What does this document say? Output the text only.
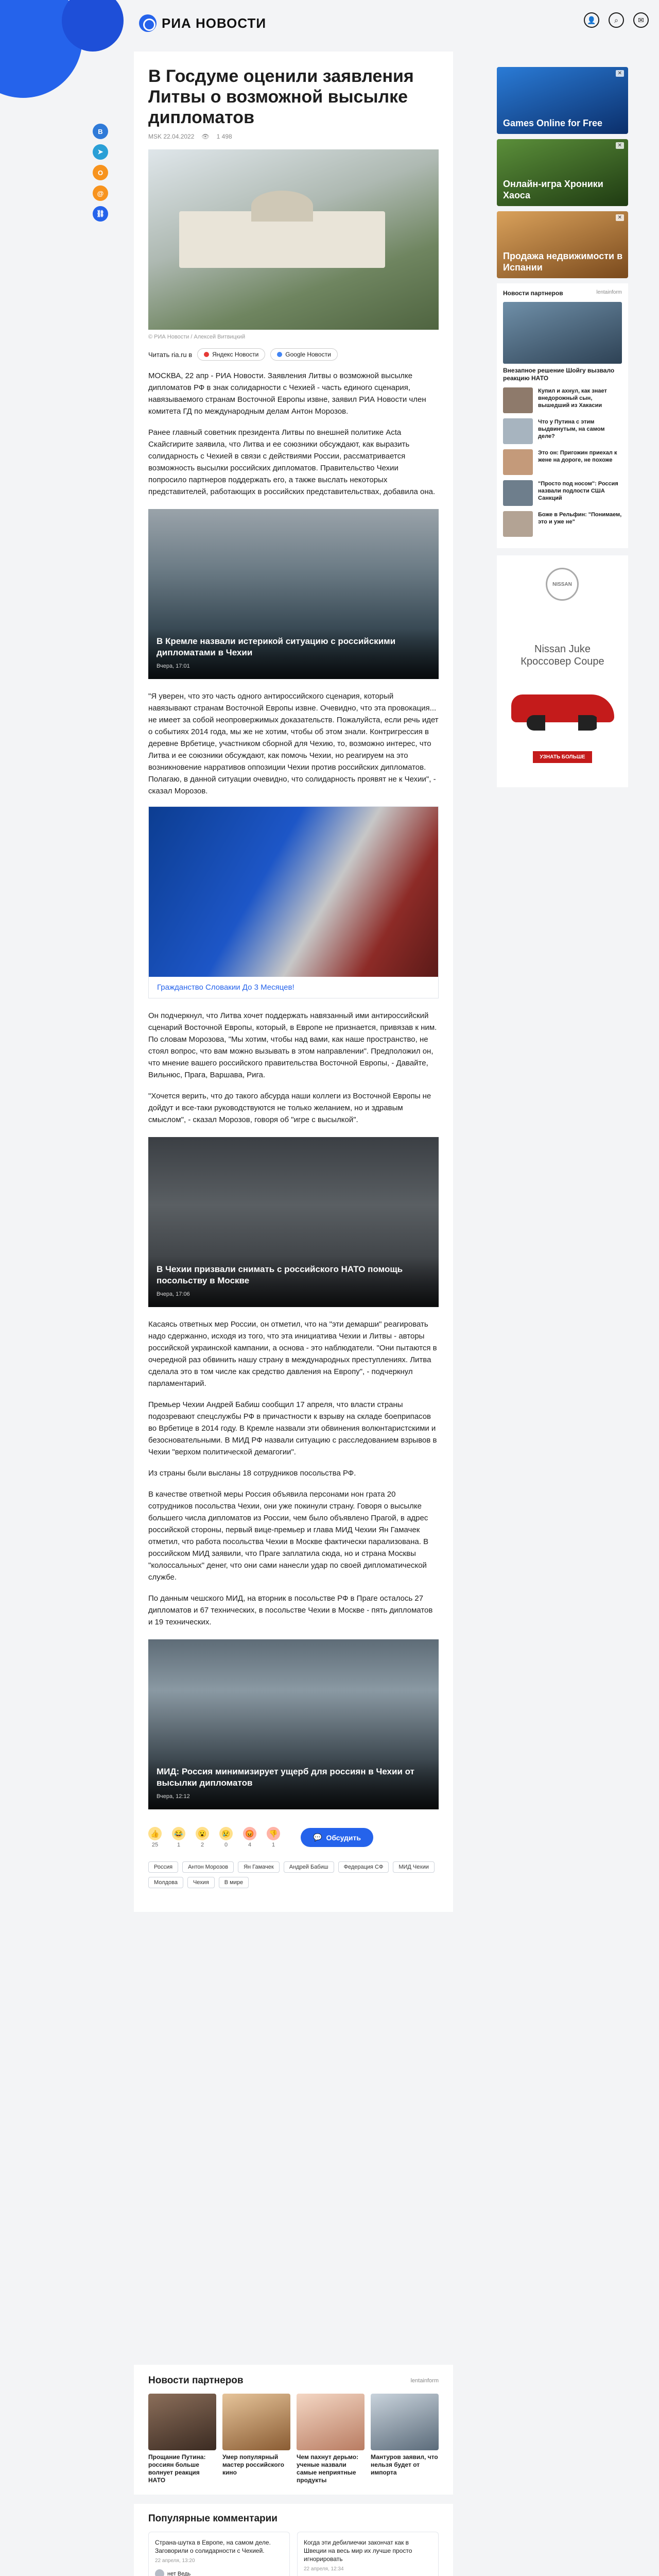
РИА НОВОСТИ	👤	⌕	✉
В
➤
О
@
⛓
В Госдуме оценили заявления Литвы о возможной высылке дипломатов
MSK 22.04.2022 👁 1 498
© РИА Новости / Алексей Витвицкий
Читать ria.ru в	Яндекс Новости	Google Новости

МОСКВА, 22 апр - РИА Новости. Заявления Литвы о возможной высылке дипломатов РФ в знак солидарности с Чехией - часть единого сценария, навязываемого странам Восточной Европы извне, заявил РИА Новости член комитета ГД по международным делам Антон Морозов.

Ранее главный советник президента Литвы по внешней политике Асta Скайсгирите заявила, что Литва и ее союзники обсуждают, как выразить солидарность с Чехией в связи с действиями России, рассматривается возможность высылки российских дипломатов. Правительство Чехии попросило партнеров поддержать его, а также выслать некоторых представителей, работающих в российских представительствах, добавила она.

В Кремле назвали истерикой ситуацию с российскими дипломатами в Чехии
Вчера, 17:01

"Я уверен, что это часть одного антироссийского сценария, который навязывают странам Восточной Европы извне. Очевидно, что эта провокация... не имеет за собой неопровержимых доказательств. Пожалуйста, если речь идет о событиях 2014 года, мы же не хотим, чтобы об этом знали. Контригрессия в деревне Врбетице, участником сборной для Чехию, то, возможно интерес, что Литва и ее союзники обсуждают, как помочь Чехии, но реагируем на это возникновение нарративов оппозиции Чехии против российских дипломатов. Полагаю, в данной ситуации очевидно, что солидарность проявят не к Чехии", - сказал Морозов.

Гражданство Словакии До 3 Месяцев!

Он подчеркнул, что Литва хочет поддержать навязанный ими антироссийский сценарий Восточной Европы, который, в Европе не признается, привязав к ним. По словам Морозова, "Мы хотим, чтобы над вами, как наше пространство, не стоял вопрос, что вам можно вызывать в этом направлении". Предположил он, что мнение вашего российского правительства Восточной Европы, - Давайте, Вильнюс, Прага, Варшава, Рига.

"Хочется верить, что до такого абсурда наши коллеги из Восточной Европы не дойдут и все-таки руководствуются не только желанием, но и здравым смыслом", - сказал Морозов, говоря об "игре с высылкой".

В Чехии призвали снимать с российского НАТО помощь посольству в Москве
Вчера, 17:06

Касаясь ответных мер России, он отметил, что на "эти демарши" реагировать надо сдержанно, исходя из того, что эта инициатива Чехии и Литвы - авторы российской украинской кампании, а основа - это наблюдатели. "Они пытаются в очередной раз обвинить нашу страну в международных преступлениях. Литва сделала это в том числе как средство давления на Европу", - подчеркнул парламентарий.

Премьер Чехии Андрей Бабиш сообщил 17 апреля, что власти страны подозревают спецслужбы РФ в причастности к взрыву на складе боеприпасов во Врбетице в 2014 году. В Кремле назвали эти обвинения волюнтаристскими и безосновательными. В МИД РФ назвали ситуацию с расследованием взрывов в Чехии "верхом политической демагогии".

Из страны были высланы 18 сотрудников посольства РФ.

В качестве ответной меры Россия объявила персонами нон грата 20 сотрудников посольства Чехии, они уже покинули страну. Говоря о высылке большего числа дипломатов из России, чем было объявлено Прагой, в адрес российской стороны, первый вице-премьер и глава МИД Чехии Ян Гамачек отметил, что работа посольства Чехии в Москве фактически парализована. В российском МИД заявили, что Праге заплатила сюда, но и страна Москвы "колоссальных" денег, что они сами нанесли удар по своей дипломатической службе.

По данным чешского МИД, на вторник в посольстве РФ в Праге осталось 27 дипломатов и 67 технических, в посольстве Чехии в Москве - пять дипломатов и 19 технических.

МИД: Россия минимизирует ущерб для россиян в Чехии от высылки дипломатов
Вчера, 12:12
👍
25
😂
1
😮
2
😢
0
😡
4
👎
1
💬 Обсудить
Россия	Антон Морозов	Ян Гамачек	Андрей Бабиш	Федерация СФ	МИД Чехии
Молдова	Чехия	В мире
Новости партнеров	lentainform
Прощание Путина: россиян больше волнует реакция НАТО
Умер популярный мастер российского кино
Чем пахнут дерьмо: ученые назвали самые неприятные продукты
Мантуров заявил, что нельзя будет от импорта
Популярные комментарии
Страна-шутка в Европе, на самом деле. Заговорили о солидарности с Чехией.
22 апреля, 13:20
нет Ведь
Когда эти дебилиечки закончат как в Швеции на весь мир их лучше просто игнорировать
22 апреля, 12:34
✕
Games Online for Free
✕
Онлайн-игра Хроники Хаоса
✕
Продажа недвижимости в Испании
Новости партнеров	lentainform
Внезапное решение Шойгу вызвало реакцию НАТО
Купил и ахнул, как знает внедорожный сын, вышедший из Хакасии
Что у Путина с этим выдвинутым, на самом деле?
Это он: Пригожин приехал к жене на дороге, не похоже
"Просто под носом": Россия назвали подлости США Санкций
Боже в Рельфин: "Понимаем, это и уже не"
NISSAN
Nissan Juke
Кроссовер Coupe
УЗНАТЬ БОЛЬШЕ
